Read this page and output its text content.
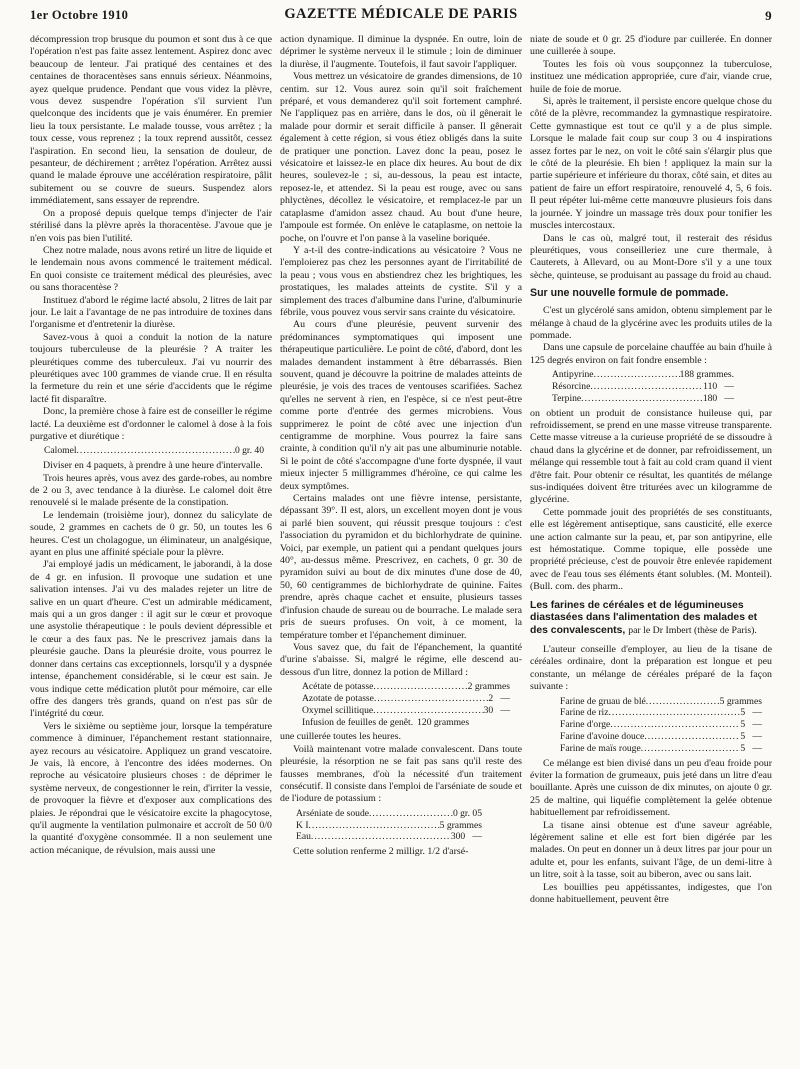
1er Octobre 1910	GAZETTE MÉDICALE DE PARIS	9

décompression trop brusque du poumon et sont dus à ce que l'opération n'est pas faite assez lentement. Aspirez donc avec beaucoup de lenteur. J'ai pratiqué des centaines et des centaines de thoracentèses sans ennuis sérieux. Néanmoins, ayez quelque prudence. Pendant que vous videz la plèvre, vous devez suspendre l'opération s'il survient l'un quelconque des incidents que je vais énumérer. En premier lieu la toux persistante. Le malade tousse, vous arrêtez ; la toux cesse, vous reprenez ; la toux reprend aussitôt, cessez l'aspiration. En second lieu, la sensation de douleur, de pesanteur, de déchirement ; arrêtez l'opération. Arrêtez aussi quand le malade éprouve une accélération respiratoire, pâlit subitement ou se couvre de sueurs. Suspendez alors immédiatement, sans essayer de reprendre.

On a proposé depuis quelque temps d'injecter de l'air stérilisé dans la plèvre après la thoracentèse. J'avoue que je n'en vois pas bien l'utilité.

Chez notre malade, nous avons retiré un litre de liquide et le lendemain nous avons commencé le traitement médical. En quoi consiste ce traitement médical des pleurésies, avec ou sans thoracentèse ?

Instituez d'abord le régime lacté absolu, 2 litres de lait par jour. Le lait a l'avantage de ne pas introduire de toxines dans l'organisme et d'entretenir la diurèse.

Savez-vous à quoi a conduit la notion de la nature toujours tuberculeuse de la pleurésie ? A traiter les pleurétiques comme des tuberculeux. J'ai vu nourrir des pleurétiques avec 100 grammes de viande crue. Il en résulta la fermeture du rein et une série d'accidents que le régime lacté fit disparaître.

Donc, la première chose à faire est de conseiller le régime lacté. La deuxième est d'ordonner le calomel à dose à la fois purgative et diurétique :

Calomel .....	0 gr. 40

Diviser en 4 paquets, à prendre à une heure d'intervalle.

Trois heures après, vous avez des garde-robes, au nombre de 2 ou 3, avec tendance à la diurèse. Le calomel doit être renouvelé si le malade présente de la constipation.

Le lendemain (troisième jour), donnez du salicylate de soude, 2 grammes en cachets de 0 gr. 50, un toutes les 6 heures. C'est un cholagogue, un éliminateur, un analgésique, ayant en plus une affinité spéciale pour la plèvre.

J'ai employé jadis un médicament, le jaborandi, à la dose de 4 gr. en infusion. Il provoque une sudation et une salivation intenses. J'ai vu des malades rejeter un litre de salive en un quart d'heure. C'est un admirable médicament, mais qui a un gros danger : il agit sur le cœur et provoque une asystolie thérapeutique : le pouls devient dépressible et le cœur a des faux pas. Ne le prescrivez jamais dans la pleurésie gauche. Dans la pleurésie droite, vous pourrez le donner dans certains cas exceptionnels, lorsqu'il y a dyspnée intense, épanchement considérable, si le cœur est sain. Je vous indique cette médication plutôt pour mémoire, car elle offre des dangers très grands, quand on n'est pas sûr de l'intégrité du cœur.

Vers le sixième ou septième jour, lorsque la température commence à diminuer, l'épanchement restant stationnaire, ayez recours au vésicatoire. Appliquez un grand vescatoire. Je vais, là encore, à l'encontre des idées modernes. On reproche au vésicatoire plusieurs choses : de déprimer le système nerveux, de congestionner le rein, d'irriter la vessie, de provoquer la fièvre et d'exposer aux complications des plaies. Je répondrai que le vésicatoire excite la phagocytose, qu'il augmente la ventilation pulmonaire et accroît de 50 0/0 la quantité d'oxygène consommée. Il a non seulement une action mécanique, de révulsion, mais aussi une

action dynamique. Il diminue la dyspnée. En outre, loin de déprimer le système nerveux il le stimule ; loin de diminuer la diurèse, il l'augmente. Toutefois, il faut savoir l'appliquer.

Vous mettrez un vésicatoire de grandes dimensions, de 10 centim. sur 12. Vous aurez soin qu'il soit fraîchement préparé, et vous demanderez qu'il soit fortement camphré. Ne l'appliquez pas en arrière, dans le dos, où il gênerait le malade pour dormir et serait difficile à panser. Il gênerait également à cette région, si vous étiez obligés dans la suite de pratiquer une ponction. Lavez donc la peau, posez le vésicatoire et laissez-le en place dix heures. Au bout de dix heures, soulevez-le ; si, au-dessous, la peau est intacte, reposez-le, et attendez. Si la peau est rouge, avec ou sans phlyctènes, décollez le vésicatoire, et remplacez-le par un cataplasme d'amidon assez chaud. Au bout d'une heure, l'ampoule est formée. On enlève le cataplasme, on nettoie la poche, on l'ouvre et l'on panse à la vaseline boriquée.

Y a-t-il des contre-indications au vésicatoire ? Vous ne l'emploierez pas chez les personnes ayant de l'irritabilité de la peau ; vous vous en abstiendrez chez les brightiques, les prostatiques, les malades atteints de cystite. S'il y a simplement des traces d'albumine dans l'urine, d'albuminurie fébrile, vous pouvez vous servir sans crainte du vésicatoire.

Au cours d'une pleurésie, peuvent survenir des prédominances symptomatiques qui imposent une thérapeutique particulière. Le point de côté, d'abord, dont les malades demandent instamment à être débarrassés. Bien souvent, quand je découvre la poitrine de malades atteints de pleurésie, je vois des traces de ventouses scarifiées. Sachez qu'elles ne servent à rien, en l'espèce, si ce n'est peut-être comme porte d'entrée des germes microbiens. Vous supprimerez le point de côté avec une injection d'un centigramme de morphine. Vous pourrez la faire sans crainte, à condition qu'il n'y ait pas une albuminurie notable. Si le point de côté s'accompagne d'une forte dyspnée, il vaut mieux injecter 5 milligrammes d'héroïne, ce qui calme les deux symptômes.

Certains malades ont une fièvre intense, persistante, dépassant 39°. Il est, alors, un excellent moyen dont je vous ai parlé bien souvent, qui réussit presque toujours : c'est l'association du pyramidon et du bichlorhydrate de quinine. Voici, par exemple, un patient qui a pendant quelques jours 40°, au-dessus même. Prescrivez, en cachets, 0 gr. 30 de pyramidon suivi au bout de dix minutes d'une dose de 40, 50, 60 centigrammes de bichlorhydrate de quinine. Faites prendre, après chaque cachet et ensuite, plusieurs tasses d'infusion chaude de sureau ou de bourrache. Le malade sera pris de sueurs profuses. On voit, à ce moment, la température tomber et l'épanchement diminuer.

Vous savez que, du fait de l'épanchement, la quantité d'urine s'abaisse. Si, malgré le régime, elle descend au-dessous d'un litre, donnez la potion de Millard :

Acétate de potasse .....	2 grammes
Azotate de potasse .....	2   —
Oxymel scillitique .....	30   —
Infusion de feuilles de genêt. 120 grammes

une cuillerée toutes les heures.

Voilà maintenant votre malade convalescent. Dans toute pleurésie, la résorption ne se fait pas sans qu'il reste des fausses membranes, d'où la nécessité d'un traitement consécutif. Il consiste dans l'emploi de l'arséniate de soude et de l'iodure de potassium :

Arséniate de soude .....	0 gr. 05
K I .....	5 grammes
Eau .....	300   —

Cette solution renferme 2 milligr. 1/2 d'arsé-

niate de soude et 0 gr. 25 d'iodure par cuillerée. En donner une cuillerée à soupe.

Toutes les fois où vous soupçonnez la tuberculose, instituez une médication appropriée, cure d'air, viande crue, huile de foie de morue.

Si, après le traitement, il persiste encore quelque chose du côté de la plèvre, recommandez la gymnastique respiratoire. Cette gymnastique est tout ce qu'il y a de plus simple. Lorsque le malade fait coup sur coup 3 ou 4 inspirations assez fortes par le nez, on voit le côté sain s'élargir plus que le côté de la pleurésie. Eh bien ! appliquez la main sur la partie supérieure et inférieure du thorax, côté sain, et dites au patient de faire un effort respiratoire, renouvelé 4, 5, 6 fois. Il peut répéter lui-même cette manœuvre plusieurs fois dans la journée. Y joindre un massage très doux pour tonifier les muscles intercostaux.

Dans le cas où, malgré tout, il resterait des résidus pleurétiques, vous conseilleriez une cure thermale, à Cauterets, à Allevard, ou au Mont-Dore s'il y a une toux sèche, quinteuse, se produisant au passage du froid au chaud.

Sur une nouvelle formule de pommade.

C'est un glycérolé sans amidon, obtenu simplement par le mélange à chaud de la glycérine avec les produits utiles de la pommade.

Dans une capsule de porcelaine chauffée au bain d'huile à 125 degrés environ on fait fondre ensemble :

Antipyrine .....	188 grammes.
Résorcine .....	110   —
Terpine .....	180   —

on obtient un produit de consistance huileuse qui, par refroidissement, se prend en une masse vitreuse transparente. Cette masse vitreuse a la curieuse propriété de se dissoudre à chaud dans la glycérine et de donner, par refroidissement, un mélange qui ressemble tout à fait au cold cram quand il vient d'être fait. Pour obtenir ce résultat, les quantités de mélange sus-indiquées doivent être triturées avec un kilogramme de glycérine.

Cette pommade jouit des propriétés de ses constituants, elle est légèrement antiseptique, sans causticité, elle exerce une action calmante sur la peau, et, par son antipyrine, elle est hémostatique. Comme topique, elle possède une propriété précieuse, c'est de pouvoir être enlevée rapidement avec de l'eau tous ses éléments étant solubles. (M. Monteil). (Bull. com. des pharm..

Les farines de céréales et de légumineuses diastasées dans l'alimentation des malades et des convalescents, par le Dr Imbert (thèse de Paris).

L'auteur conseille d'employer, au lieu de la tisane de céréales ordinaire, dont la préparation est longue et peu constante, un mélange de céréales préparé de la façon suivante :

Farine de gruau de blé .....	5 grammes
Farine de riz .....	5   —
Farine d'orge .....	5   —
Farine d'avoine douce .....	5   —
Farine de maïs rouge .....	5   —

Ce mélange est bien divisé dans un peu d'eau froide pour éviter la formation de grumeaux, puis jeté dans un litre d'eau bouillante. Après une cuisson de dix minutes, on ajoute 0 gr. 25 de maltine, qui liquéfie complètement la gelée obtenue habituellement par refroidissement.

La tisane ainsi obtenue est d'une saveur agréable, légèrement saline et elle est fort bien digérée par les malades. On peut en donner un à deux litres par jour pour un adulte et, pour les enfants, suivant l'âge, de un demi-litre à un litre, soit à la tasse, soit au biberon, avec ou sans lait.

Les bouillies peu appétissantes, indigestes, que l'on donne habituellement, peuvent être
